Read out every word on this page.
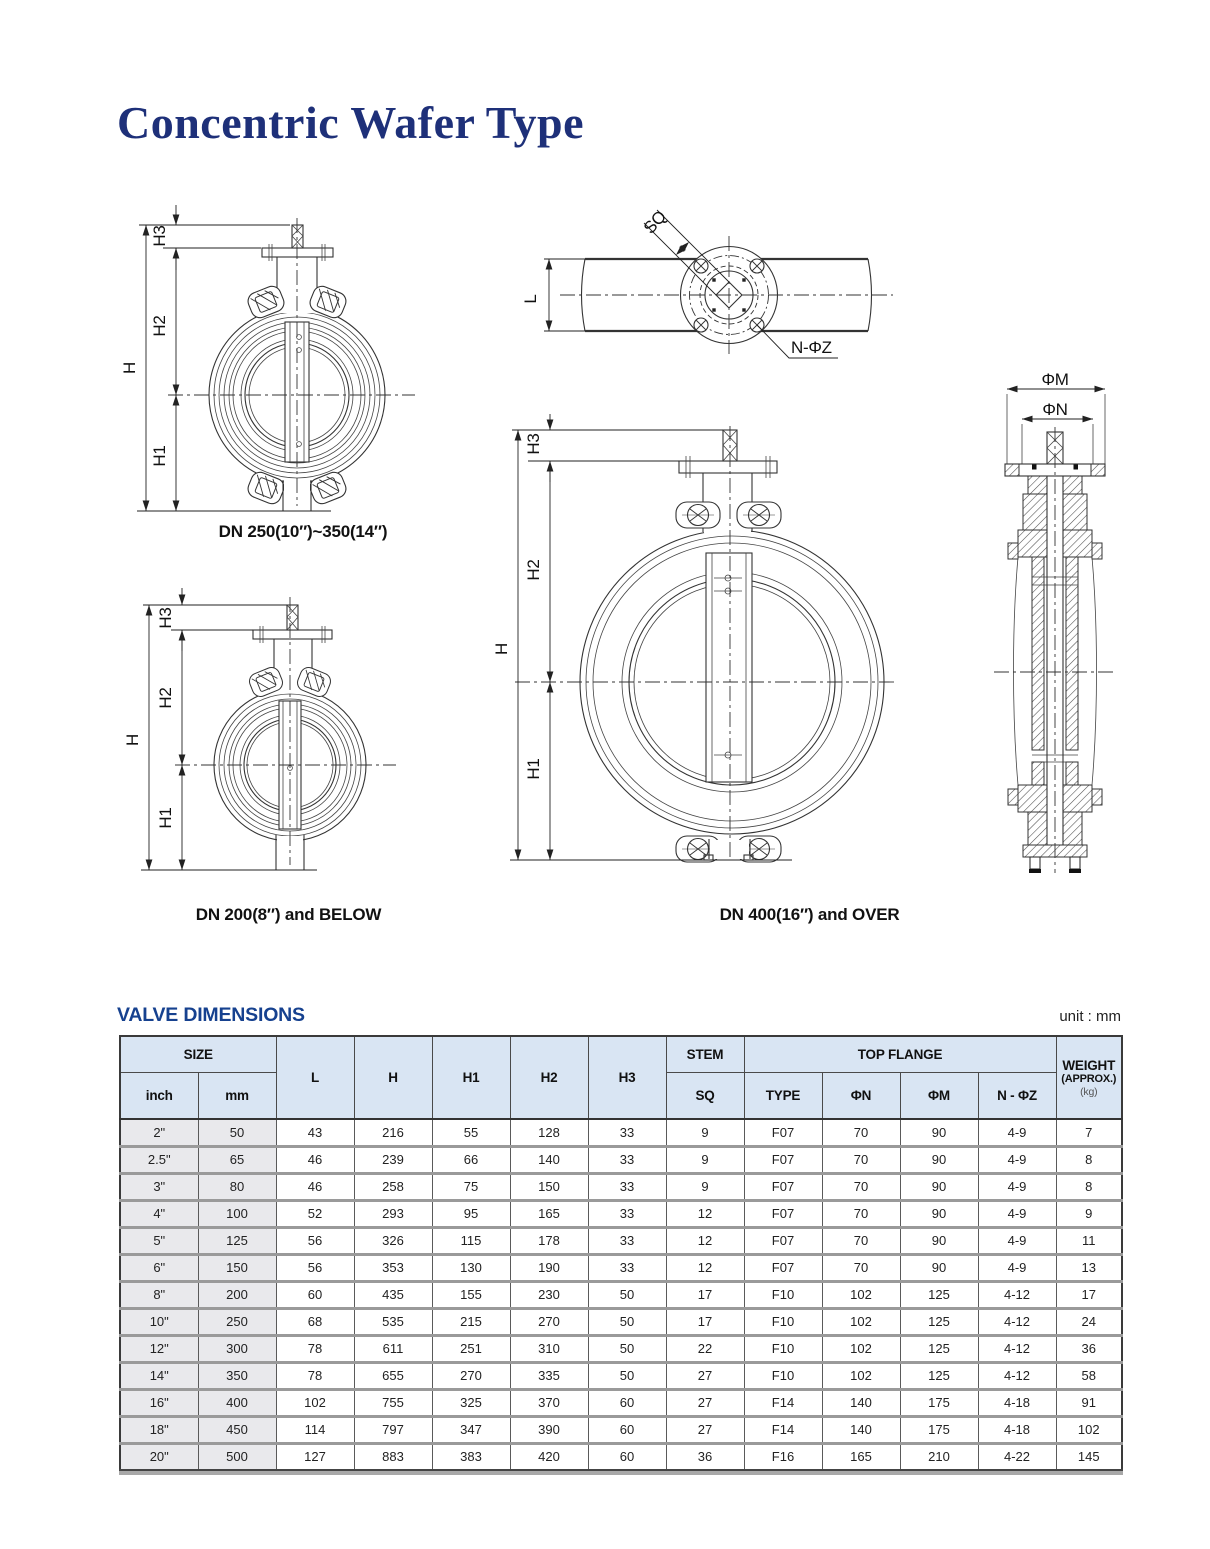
Concentric Wafer Type
H
H3
H2
H1
DN 250(10″)~350(14″)
L
SQ
N-ΦZ
ΦM
ΦN
H
H3
H2
H1
DN 200(8″) and BELOW
H
H3
H2
H1
DN 400(16″) and OVER
VALVE DIMENSIONS	unit : mm
SIZE		L	H	H1	H2	H3	STEM	TOP FLANGE				WEIGHT
(APPROX.)
(kg)

inch	mm						SQ	TYPE	ΦN	ΦM	N - ΦZ	
2"	50	43	216	55	128	33	9	F07	70	90	4-9	7
2.5"	65	46	239	66	140	33	9	F07	70	90	4-9	8
3"	80	46	258	75	150	33	9	F07	70	90	4-9	8
4"	100	52	293	95	165	33	12	F07	70	90	4-9	9
5"	125	56	326	115	178	33	12	F07	70	90	4-9	11
6"	150	56	353	130	190	33	12	F07	70	90	4-9	13
8"	200	60	435	155	230	50	17	F10	102	125	4-12	17
10"	250	68	535	215	270	50	17	F10	102	125	4-12	24
12"	300	78	611	251	310	50	22	F10	102	125	4-12	36
14"	350	78	655	270	335	50	27	F10	102	125	4-12	58
16"	400	102	755	325	370	60	27	F14	140	175	4-18	91
18"	450	114	797	347	390	60	27	F14	140	175	4-18	102
20"	500	127	883	383	420	60	36	F16	165	210	4-22	145
